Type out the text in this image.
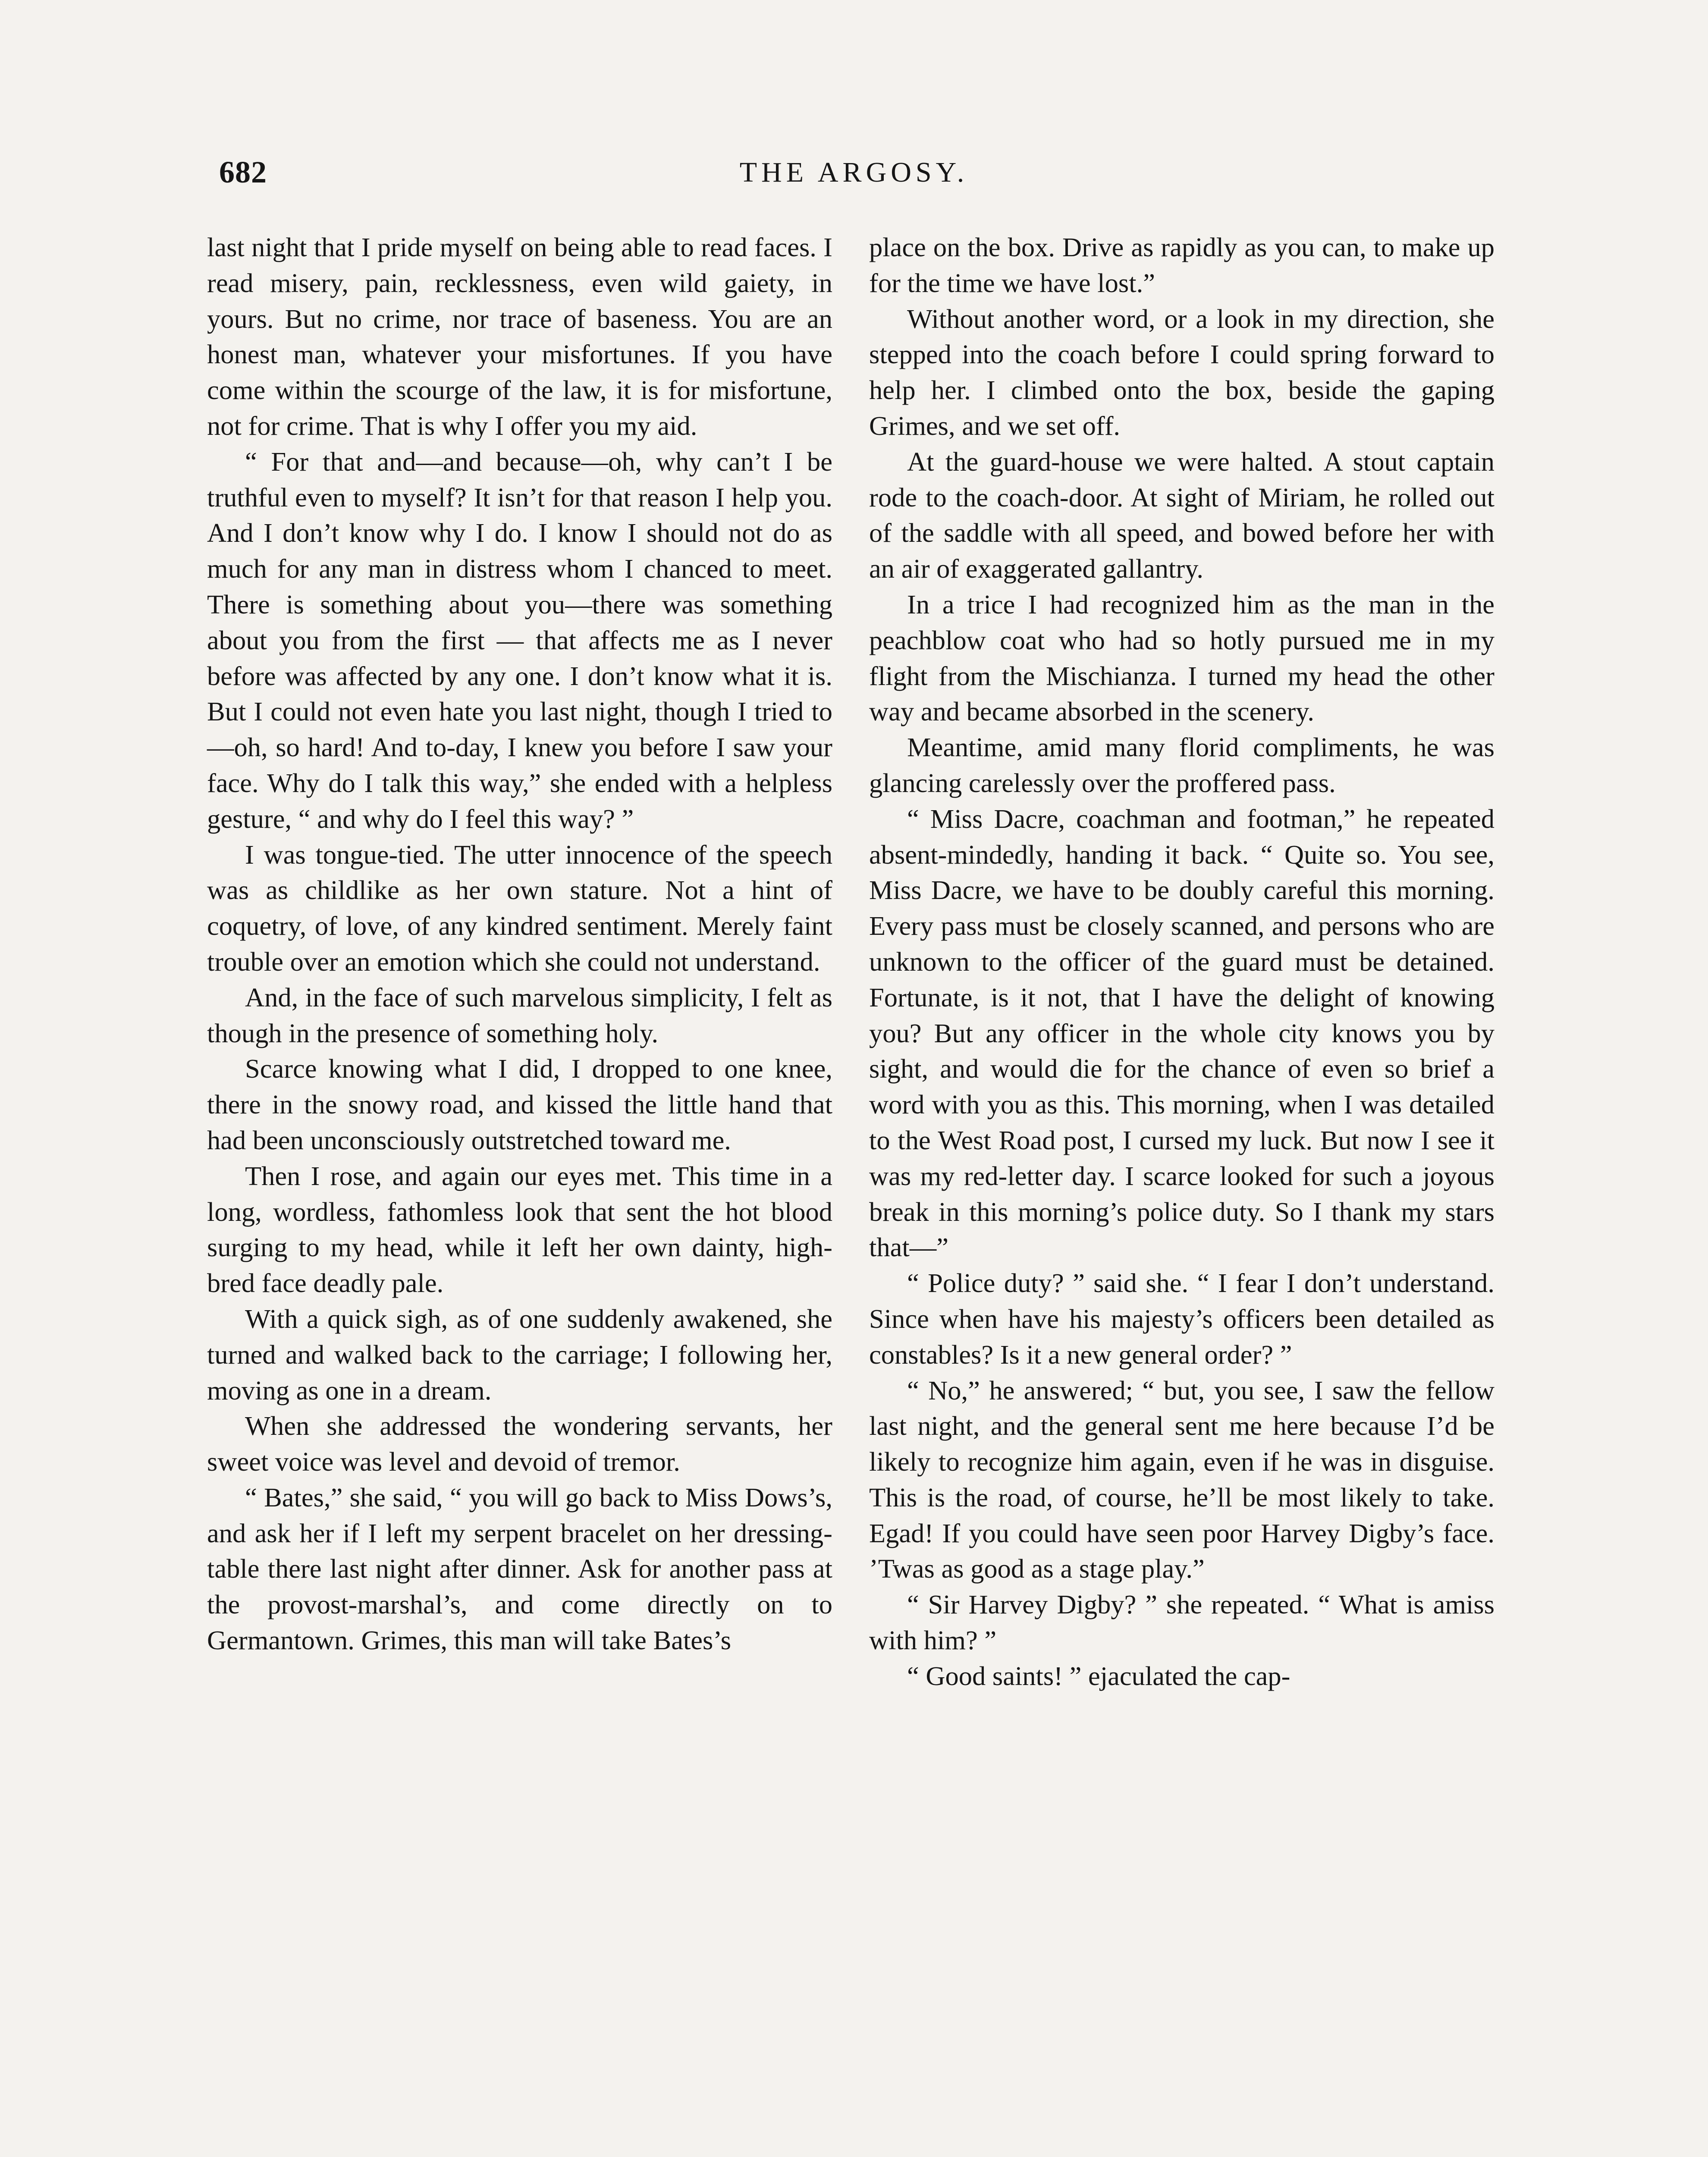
682	THE ARGOSY.

last night that I pride myself on being able to read faces. I read misery, pain, recklessness, even wild gaiety, in yours. But no crime, nor trace of baseness. You are an honest man, whatever your misfortunes. If you have come within the scourge of the law, it is for misfortune, not for crime. That is why I offer you my aid.

“ For that and—and because—oh, why can’t I be truthful even to myself? It isn’t for that reason I help you. And I don’t know why I do. I know I should not do as much for any man in distress whom I chanced to meet. There is something about you—there was something about you from the first — that affects me as I never before was affected by any one. I don’t know what it is. But I could not even hate you last night, though I tried to—oh, so hard! And to-day, I knew you before I saw your face. Why do I talk this way,” she ended with a helpless gesture, “ and why do I feel this way? ”

I was tongue-tied. The utter innocence of the speech was as childlike as her own stature. Not a hint of coquetry, of love, of any kindred sentiment. Merely faint trouble over an emotion which she could not understand.

And, in the face of such marvelous simplicity, I felt as though in the presence of something holy.

Scarce knowing what I did, I dropped to one knee, there in the snowy road, and kissed the little hand that had been unconsciously outstretched toward me.

Then I rose, and again our eyes met. This time in a long, wordless, fathomless look that sent the hot blood surging to my head, while it left her own dainty, high-bred face deadly pale.

With a quick sigh, as of one suddenly awakened, she turned and walked back to the carriage; I following her, moving as one in a dream.

When she addressed the wondering servants, her sweet voice was level and devoid of tremor.

“ Bates,” she said, “ you will go back to Miss Dows’s, and ask her if I left my serpent bracelet on her dressing-table there last night after dinner. Ask for another pass at the provost-marshal’s, and come directly on to Germantown. Grimes, this man will take Bates’s

place on the box. Drive as rapidly as you can, to make up for the time we have lost.”

Without another word, or a look in my direction, she stepped into the coach before I could spring forward to help her. I climbed onto the box, beside the gaping Grimes, and we set off.

At the guard-house we were halted. A stout captain rode to the coach-door. At sight of Miriam, he rolled out of the saddle with all speed, and bowed before her with an air of exaggerated gallantry.

In a trice I had recognized him as the man in the peachblow coat who had so hotly pursued me in my flight from the Mischianza. I turned my head the other way and became absorbed in the scenery.

Meantime, amid many florid compliments, he was glancing carelessly over the proffered pass.

“ Miss Dacre, coachman and footman,” he repeated absent-mindedly, handing it back. “ Quite so. You see, Miss Dacre, we have to be doubly careful this morning. Every pass must be closely scanned, and persons who are unknown to the officer of the guard must be detained. Fortunate, is it not, that I have the delight of knowing you? But any officer in the whole city knows you by sight, and would die for the chance of even so brief a word with you as this. This morning, when I was detailed to the West Road post, I cursed my luck. But now I see it was my red-letter day. I scarce looked for such a joyous break in this morning’s police duty. So I thank my stars that—”

“ Police duty? ” said she. “ I fear I don’t understand. Since when have his majesty’s officers been detailed as constables? Is it a new general order? ”

“ No,” he answered; “ but, you see, I saw the fellow last night, and the general sent me here because I’d be likely to recognize him again, even if he was in disguise. This is the road, of course, he’ll be most likely to take. Egad! If you could have seen poor Harvey Digby’s face. ’Twas as good as a stage play.”

“ Sir Harvey Digby? ” she repeated. “ What is amiss with him? ”

“ Good saints! ” ejaculated the cap-
